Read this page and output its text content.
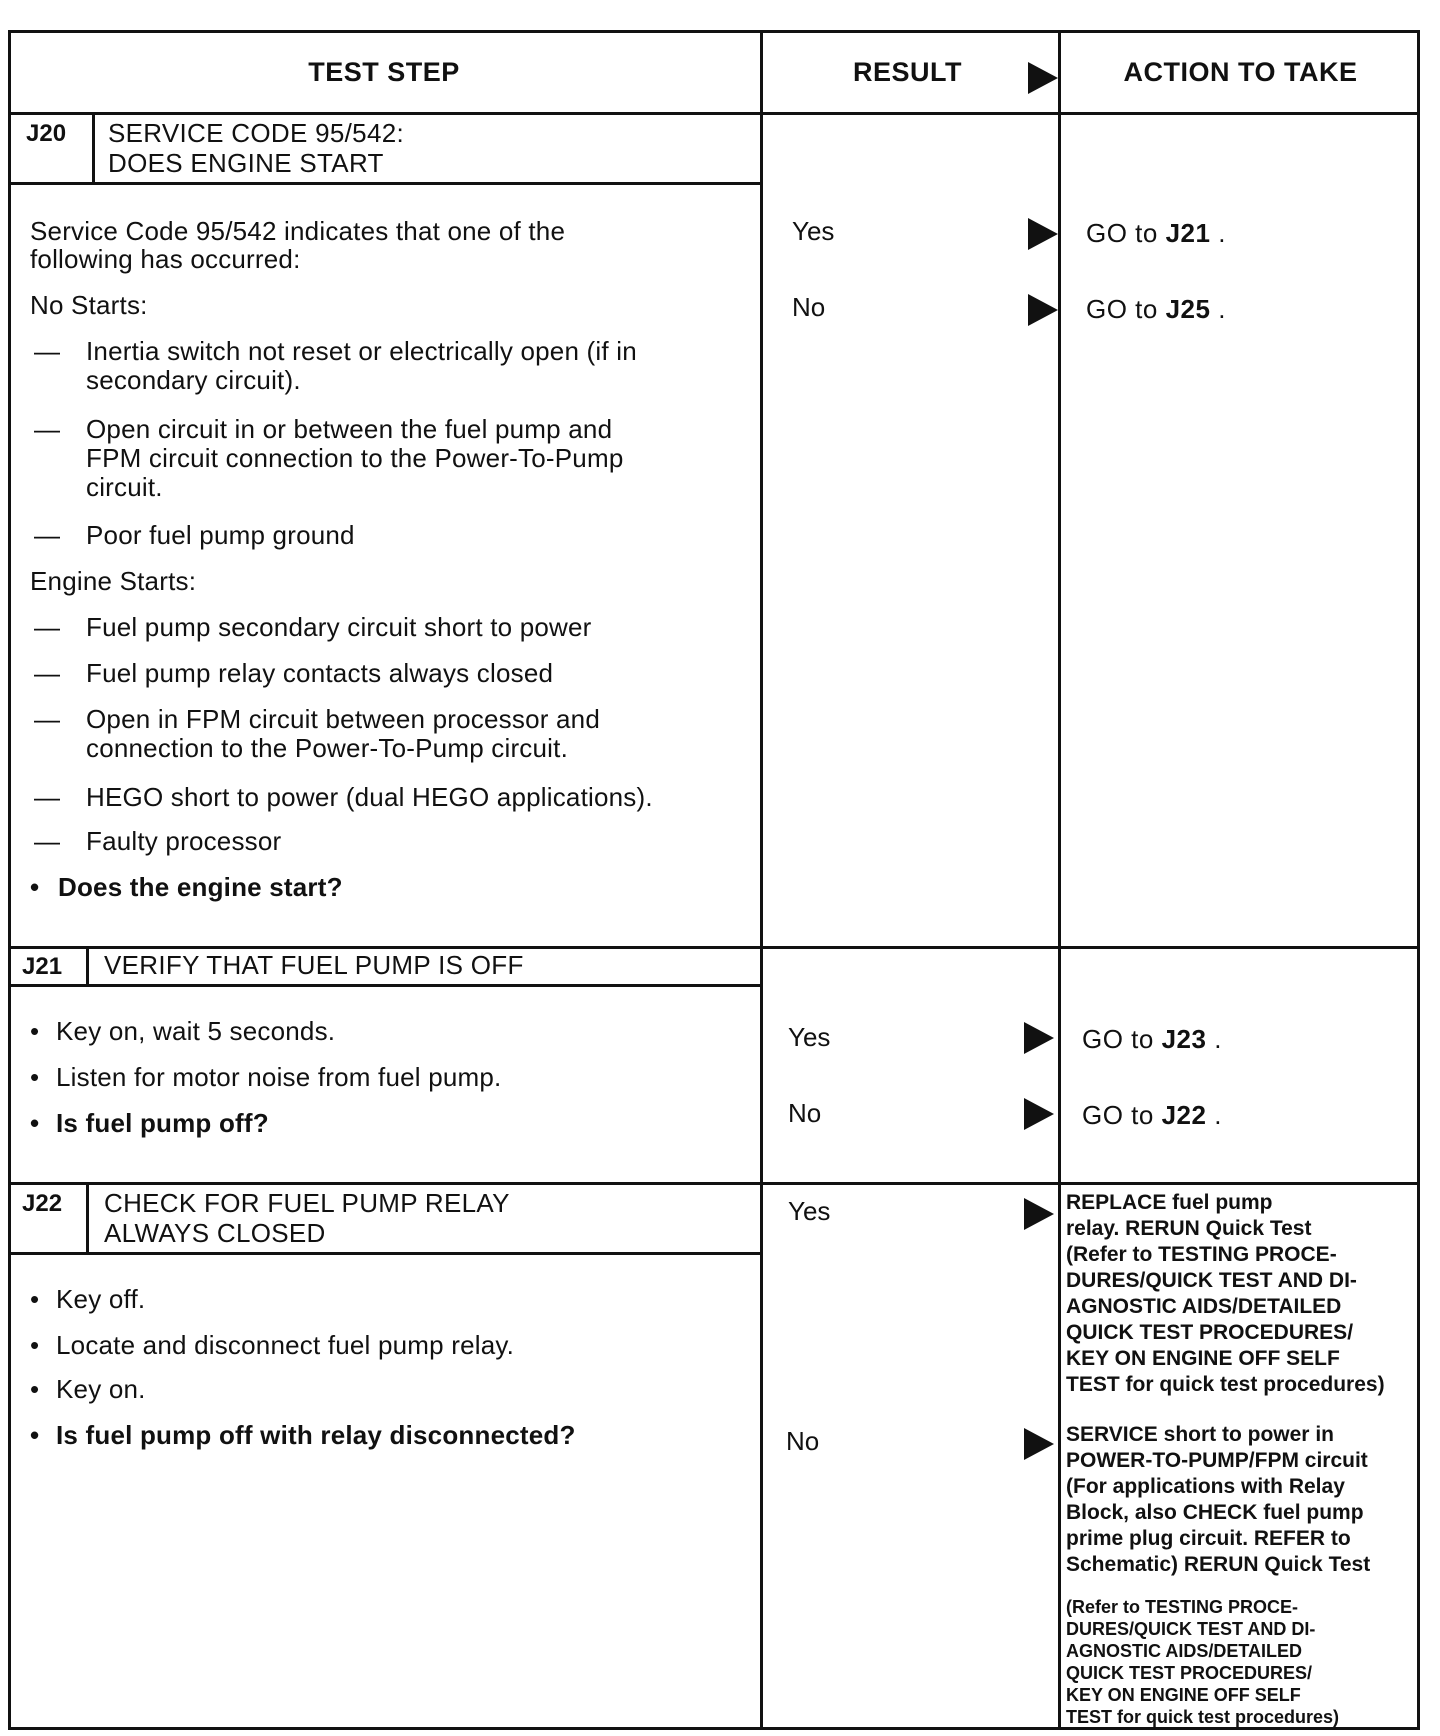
TEST STEP	RESULT	ACTION TO TAKE
J20 SERVICE CODE 95/542:
DOES ENGINE START
Service Code 95/542 indicates that one of the
following has occurred:
No Starts:
— Inertia switch not reset or electrically open (if in
secondary circuit).
— Open circuit in or between the fuel pump and
FPM circuit connection to the Power-To-Pump
circuit.
— Poor fuel pump ground
Engine Starts:
— Fuel pump secondary circuit short to power
— Fuel pump relay contacts always closed
— Open in FPM circuit between processor and
connection to the Power-To-Pump circuit.
— HEGO short to power (dual HEGO applications).
— Faulty processor
• Does the engine start?
Yes	GO to J21 .
No	GO to J25 .
J21 VERIFY THAT FUEL PUMP IS OFF
• Key on, wait 5 seconds.
• Listen for motor noise from fuel pump.
• Is fuel pump off?
Yes	GO to J23 .
No	GO to J22 .
J22 CHECK FOR FUEL PUMP RELAY
ALWAYS CLOSED
• Key off.
• Locate and disconnect fuel pump relay.
• Key on.
• Is fuel pump off with relay disconnected?
Yes	REPLACE fuel pump
relay. RERUN Quick Test
(Refer to TESTING PROCE-
DURES/QUICK TEST AND DI-
AGNOSTIC AIDS/DETAILED
QUICK TEST PROCEDURES/
KEY ON ENGINE OFF SELF
TEST for quick test procedures)
No	SERVICE short to power in
POWER-TO-PUMP/FPM circuit
(For applications with Relay
Block, also CHECK fuel pump
prime plug circuit. REFER to
Schematic) RERUN Quick Test
(Refer to TESTING PROCE-
DURES/QUICK TEST AND DI-
AGNOSTIC AIDS/DETAILED
QUICK TEST PROCEDURES/
KEY ON ENGINE OFF SELF
TEST for quick test procedures)
